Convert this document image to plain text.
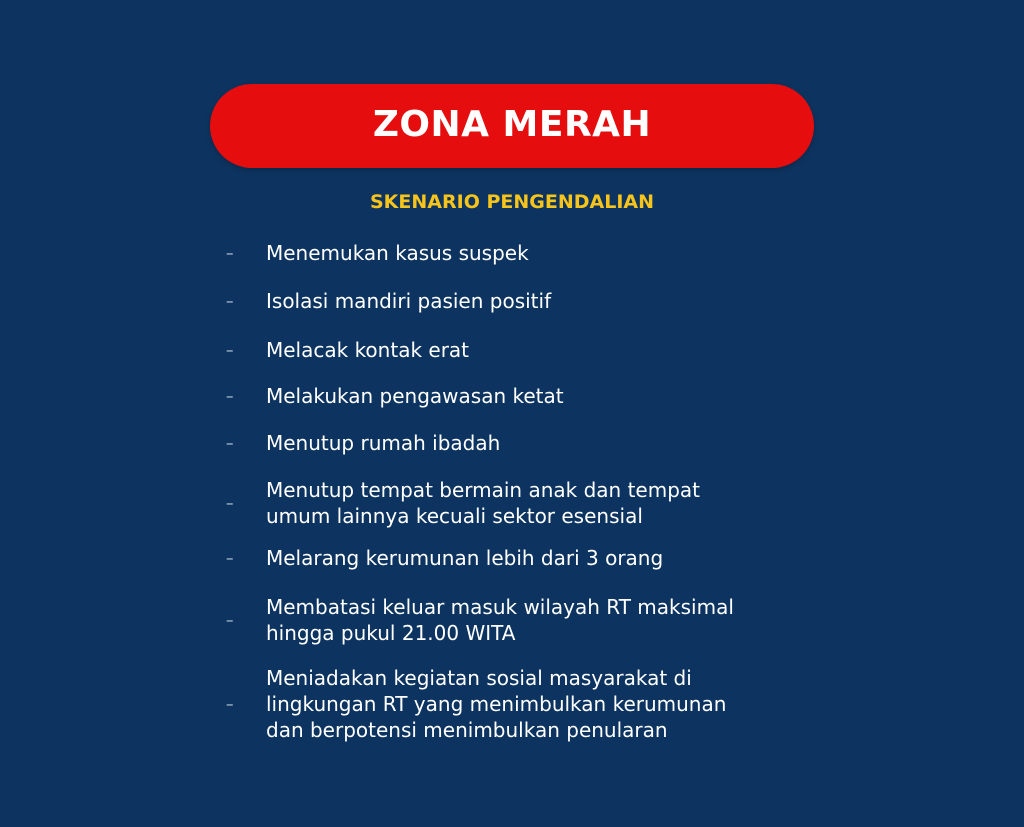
ZONA MERAH
SKENARIO PENGENDALIAN
–	Menemukan kasus suspek
–	Isolasi mandiri pasien positif
–	Melacak kontak erat
–	Melakukan pengawasan ketat
–	Menutup rumah ibadah
–
Menutup tempat bermain anak dan tempat
umum lainnya kecuali sektor esensial
–	Melarang kerumunan lebih dari 3 orang
–
Membatasi keluar masuk wilayah RT maksimal
hingga pukul 21.00 WITA
–
Meniadakan kegiatan sosial masyarakat di
lingkungan RT yang menimbulkan kerumunan
dan berpotensi menimbulkan penularan
